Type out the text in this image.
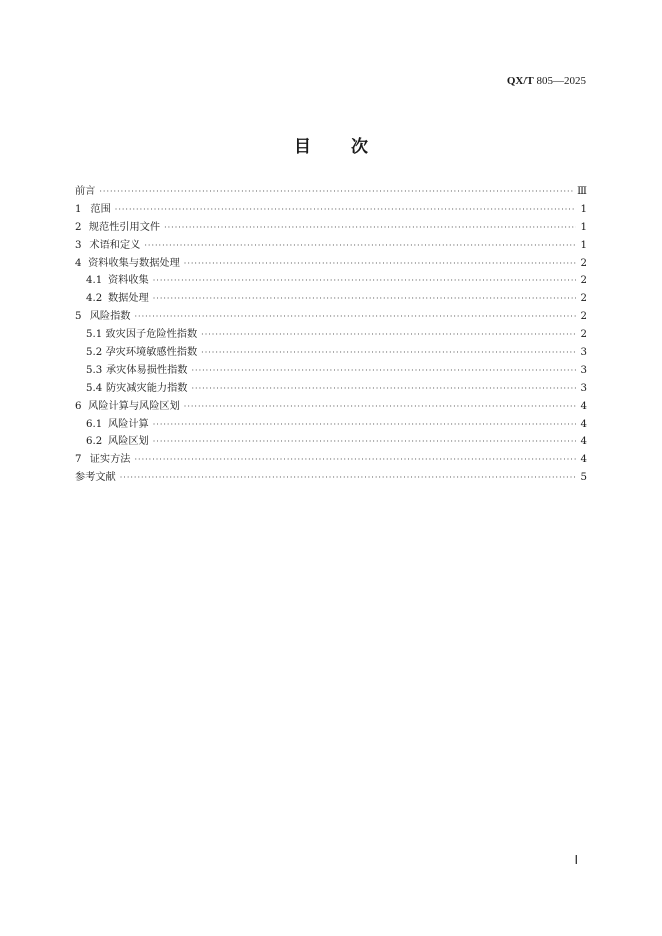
QX/T 805—2025
目次
前言 ·····	Ⅲ
1 范围 ·····	1
2 规范性引用文件 ·····	1
3 术语和定义 ·····	1
4 资料收集与数据处理 ·····	2
4.1 资料收集 ·····	2
4.2 数据处理 ·····	2
5 风险指数 ·····	2
5.1 致灾因子危险性指数 ·····	2
5.2 孕灾环境敏感性指数 ·····	3
5.3 承灾体易损性指数 ·····	3
5.4 防灾减灾能力指数 ·····	3
6 风险计算与风险区划 ·····	4
6.1 风险计算 ·····	4
6.2 风险区划 ·····	4
7 证实方法 ·····	4
参考文献 ·····	5
Ⅰ
